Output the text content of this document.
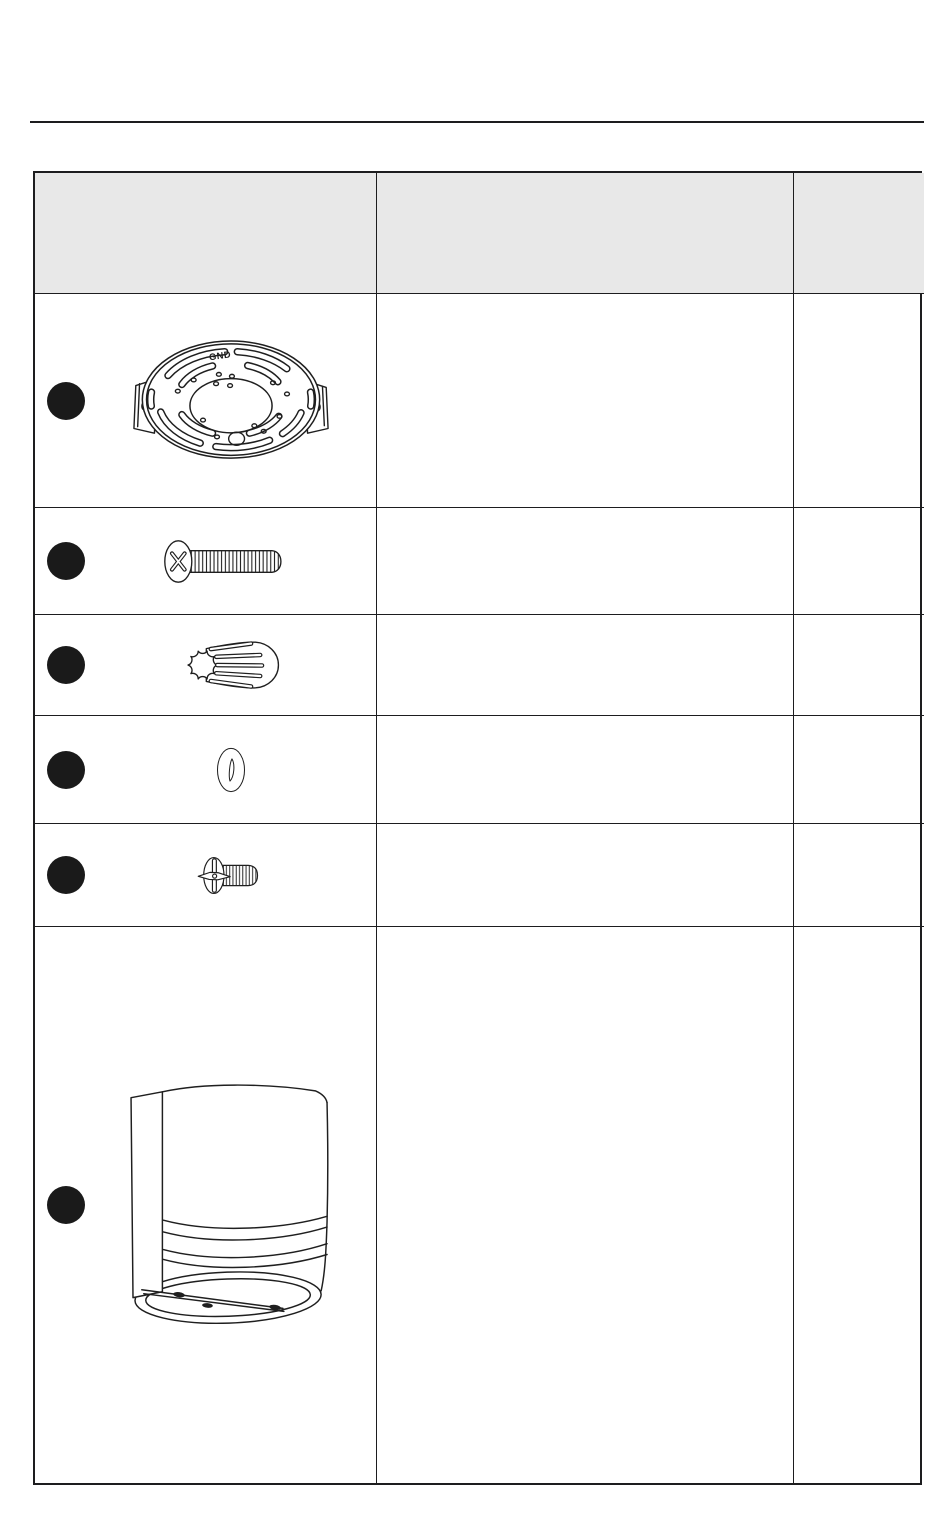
GND
